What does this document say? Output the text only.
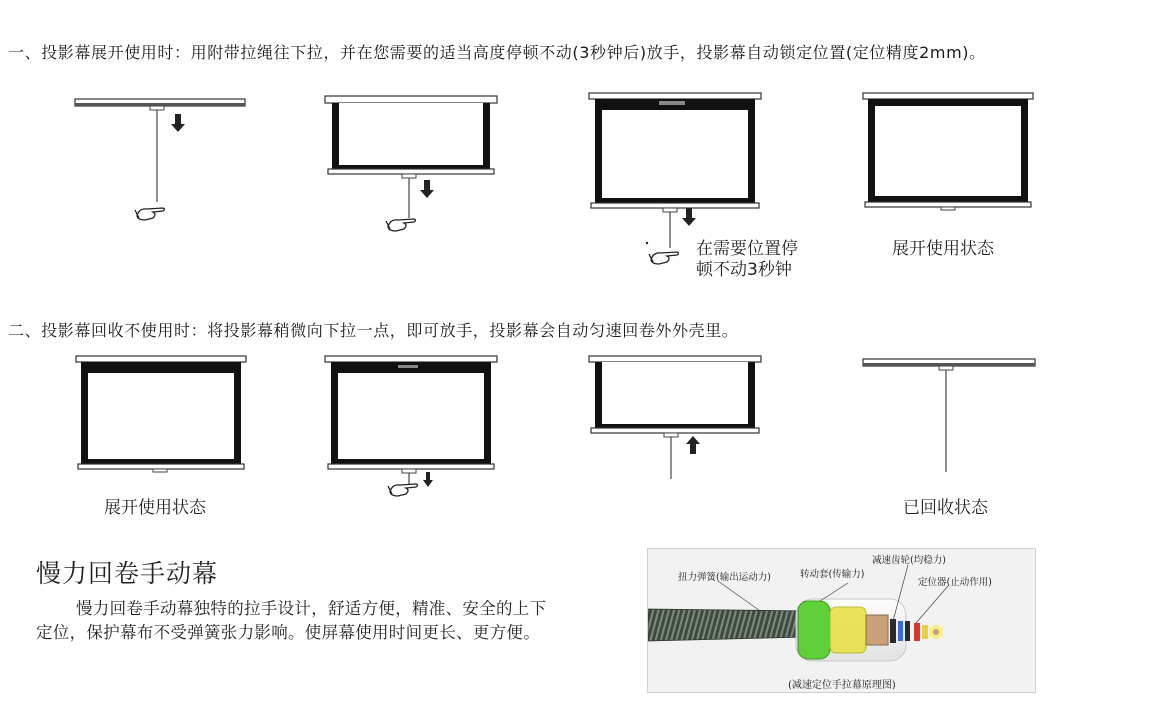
一、投影幕展开使用时：用附带拉绳往下拉，并在您需要的适当高度停顿不动(3秒钟后)放手，投影幕自动锁定位置(定位精度2mm)。
在需要位置停
顿不动3秒钟
展开使用状态
二、投影幕回收不使用时：将投影幕稍微向下拉一点，即可放手，投影幕会自动匀速回卷外外壳里。
展开使用状态	已回收状态
慢力回卷手动幕

慢力回卷手动幕独特的拉手设计，舒适方便，精准、安全的上下

定位，保护幕布不受弹簧张力影响。使屏幕使用时间更长、更方便。

扭力弹簧(输出运动力)	转动套(传输力)
减速齿轮(均稳力)
定位器(止动作用)
(减速定位手拉幕原理图)
